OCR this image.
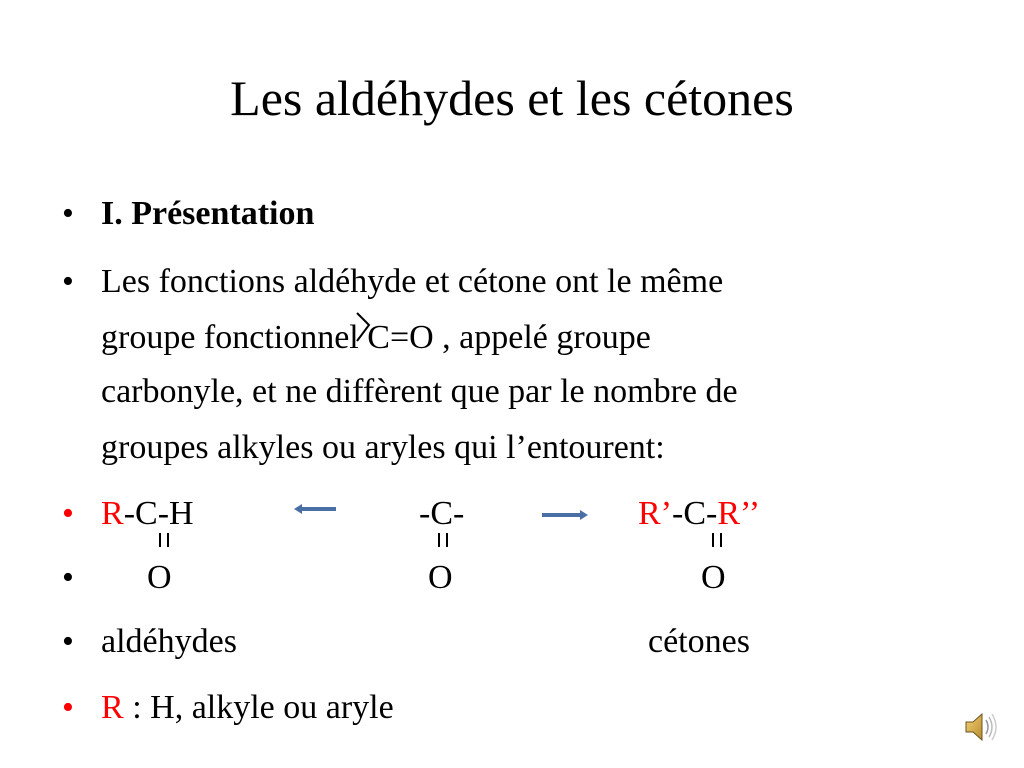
Les aldéhydes et les cétones
• I. Présentation
• Les fonctions aldéhyde et cétone ont le même
groupe fonctionnel
C=O , appelé groupe
carbonyle, et ne diffèrent que par le nombre de
groupes alkyles ou aryles qui l’entourent:
• R-C-H	-C-	R’-C-R’’
• O	O	O
• aldéhydes	cétones
• R : H, alkyle ou aryle
